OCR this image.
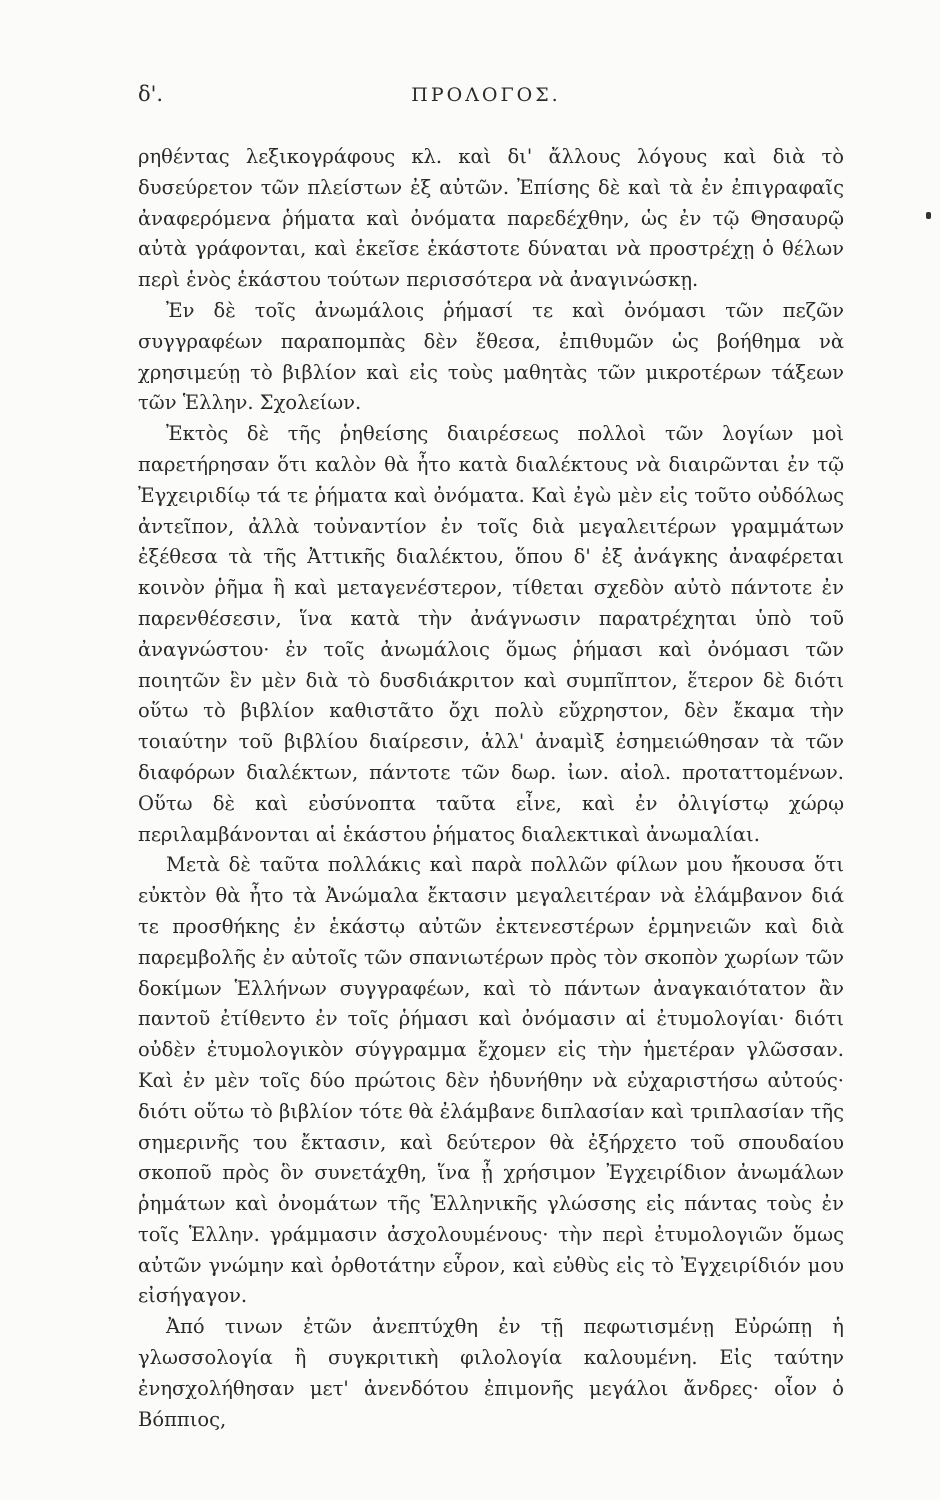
δ'.	ΠΡΟΛΟΓΟΣ.

ρηθέντας λεξικογράφους κλ. καὶ δι' ἄλλους λόγους καὶ διὰ τὸ δυσεύρετον τῶν πλείστων ἐξ αὐτῶν. Ἐπίσης δὲ καὶ τὰ ἐν ἐπιγραφαῖς ἀναφερόμενα ῥήματα καὶ ὀνόματα παρεδέχθην, ὡς ἐν τῷ Θησαυρῷ αὐτὰ γράφονται, καὶ ἐκεῖσε ἑκάστοτε δύναται νὰ προστρέχῃ ὁ θέλων περὶ ἑνὸς ἑκάστου τούτων περισσότερα νὰ ἀναγινώσκῃ.

Ἐν δὲ τοῖς ἀνωμάλοις ῥήμασί τε καὶ ὀνόμασι τῶν πεζῶν συγγραφέων παραπομπὰς δὲν ἔθεσα, ἐπιθυμῶν ὡς βοήθημα νὰ χρησιμεύῃ τὸ βιβλίον καὶ εἰς τοὺς μαθητὰς τῶν μικροτέρων τάξεων τῶν Ἑλλην. Σχολείων.

Ἐκτὸς δὲ τῆς ῥηθείσης διαιρέσεως πολλοὶ τῶν λογίων μοὶ παρετήρησαν ὅτι καλὸν θὰ ἦτο κατὰ διαλέκτους νὰ διαιρῶνται ἐν τῷ Ἐγχειριδίῳ τά τε ῥήματα καὶ ὀνόματα. Καὶ ἐγὼ μὲν εἰς τοῦτο οὐδόλως ἀντεῖπον, ἀλλὰ τοὐναντίον ἐν τοῖς διὰ μεγαλειτέρων γραμμάτων ἐξέθεσα τὰ τῆς Ἀττικῆς διαλέκτου, ὅπου δ' ἐξ ἀνάγκης ἀναφέρεται κοινὸν ῥῆμα ἢ καὶ μεταγενέστερον, τίθεται σχεδὸν αὐτὸ πάντοτε ἐν παρενθέσεσιν, ἵνα κατὰ τὴν ἀνάγνωσιν παρατρέχηται ὑπὸ τοῦ ἀναγνώστου· ἐν τοῖς ἀνωμάλοις ὅμως ῥήμασι καὶ ὀνόμασι τῶν ποιητῶν ἓν μὲν διὰ τὸ δυσδιάκριτον καὶ συμπῖπτον, ἕτερον δὲ διότι οὕτω τὸ βιβλίον καθιστᾶτο ὄχι πολὺ εὔχρηστον, δὲν ἔκαμα τὴν τοιαύτην τοῦ βιβλίου διαίρεσιν, ἀλλ' ἀναμὶξ ἐσημειώθησαν τὰ τῶν διαφόρων διαλέκτων, πάντοτε τῶν δωρ. ἰων. αἰολ. προταττομένων. Οὕτω δὲ καὶ εὐσύνοπτα ταῦτα εἶνε, καὶ ἐν ὀλιγίστῳ χώρῳ περιλαμβάνονται αἱ ἑκάστου ῥήματος διαλεκτικαὶ ἀνωμαλίαι.

Μετὰ δὲ ταῦτα πολλάκις καὶ παρὰ πολλῶν φίλων μου ἤκουσα ὅτι εὐκτὸν θὰ ἦτο τὰ Ἀνώμαλα ἔκτασιν μεγαλειτέραν νὰ ἐλάμβανον διά τε προσθήκης ἐν ἑκάστῳ αὐτῶν ἐκτενεστέρων ἑρμηνειῶν καὶ διὰ παρεμβολῆς ἐν αὐτοῖς τῶν σπανιωτέρων πρὸς τὸν σκοπὸν χωρίων τῶν δοκίμων Ἑλλήνων συγγραφέων, καὶ τὸ πάντων ἀναγκαιότατον ἂν παντοῦ ἐτίθεντο ἐν τοῖς ῥήμασι καὶ ὀνόμασιν αἱ ἐτυμολογίαι· διότι οὐδὲν ἐτυμολογικὸν σύγγραμμα ἔχομεν εἰς τὴν ἡμετέραν γλῶσσαν. Καὶ ἐν μὲν τοῖς δύο πρώτοις δὲν ἠδυνήθην νὰ εὐχαριστήσω αὐτούς· διότι οὕτω τὸ βιβλίον τότε θὰ ἐλάμβανε διπλασίαν καὶ τριπλασίαν τῆς σημερινῆς του ἔκτασιν, καὶ δεύτερον θὰ ἐξήρχετο τοῦ σπουδαίου σκοποῦ πρὸς ὃν συνετάχθη, ἵνα ᾖ χρήσιμον Ἐγχειρίδιον ἀνωμάλων ῥημάτων καὶ ὀνομάτων τῆς Ἑλληνικῆς γλώσσης εἰς πάντας τοὺς ἐν τοῖς Ἑλλην. γράμμασιν ἀσχολουμένους· τὴν περὶ ἐτυμολογιῶν ὅμως αὐτῶν γνώμην καὶ ὀρθοτάτην εὗρον, καὶ εὐθὺς εἰς τὸ Ἐγχειρίδιόν μου εἰσήγαγον.

Ἀπό τινων ἐτῶν ἀνεπτύχθη ἐν τῇ πεφωτισμένῃ Εὐρώπῃ ἡ γλωσσολογία ἢ συγκριτικὴ φιλολογία καλουμένη. Εἰς ταύτην ἐνησχολήθησαν μετ' ἀνενδότου ἐπιμονῆς μεγάλοι ἄνδρες· οἷον ὁ Βόππιος,
